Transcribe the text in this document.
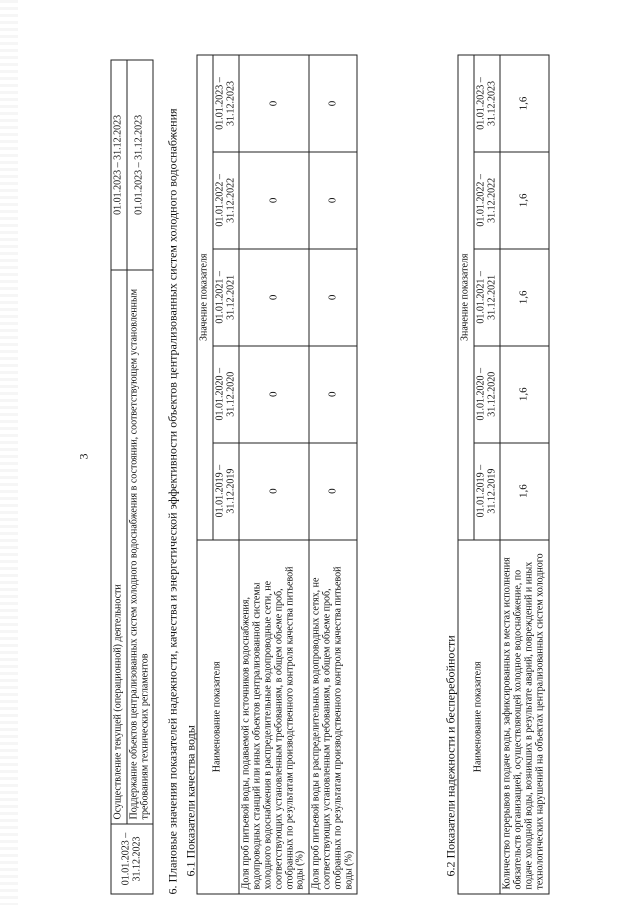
3
01.01.2023 – 31.12.2023	Осуществление текущей (операционной) деятельности	01.01.2023 – 31.12.2023
	Поддержание объектов централизованных систем холодного водоснабжения в состоянии, соответствующем установленным требованиям технических регламентов	01.01.2023 – 31.12.2023 6. Плановые значения показателей надежности, качества и энергетической эффективности объектов централизованных систем холодного водоснабжения 6.1 Показатели качества воды
Наименование показателя	Значение показателя				
	01.01.2019 – 31.12.2019	01.01.2020 – 31.12.2020	01.01.2021 – 31.12.2021	01.01.2022 – 31.12.2022	01.01.2023 – 31.12.2023
Доля проб питьевой воды, подаваемой с источников водоснабжения, водопроводных станций или иных объектов централизованной системы холодного водоснабжения в распределительные водопроводные сети, не соответствующих установленным требованиям, в общем объеме проб, отобранных по результатам производственного контроля качества питьевой воды (%)	0	0	0	0	0
Доля проб питьевой воды в распределительных водопроводных сетях, не соответствующих установленным требованиям, в общем объеме проб, отобранных по результатам производственного контроля качества питьевой воды (%)	0	0	0	0	0
6.2 Показатели надежности и бесперебойности Наименование показателя	Значение показателя				
	01.01.2019 – 31.12.2019	01.01.2020 – 31.12.2020	01.01.2021 – 31.12.2021	01.01.2022 – 31.12.2022	01.01.2023 – 31.12.2023
Количество перерывов в подаче воды, зафиксированных в местах исполнения обязательств организацией, осуществляющей холодное водоснабжение, по подаче холодной воды, возникших в результате аварий, повреждений и иных технологических нарушений на объектах централизованных систем холодного	1,6	1,6	1,6	1,6	1,6
